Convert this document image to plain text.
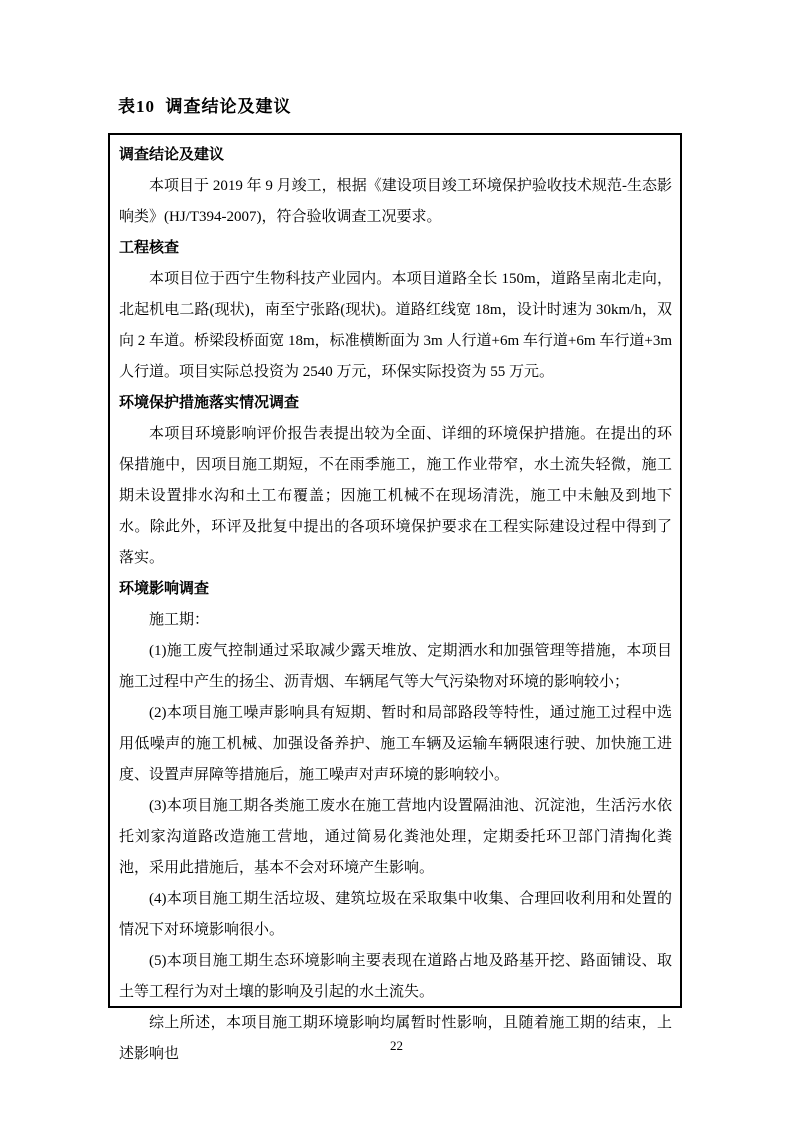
表10  调查结论及建议
调查结论及建议

本项目于 2019 年 9 月竣工，根据《建设项目竣工环境保护验收技术规范-生态影响类》(HJ/T394-2007)，符合验收调查工况要求。

工程核查

本项目位于西宁生物科技产业园内。本项目道路全长 150m，道路呈南北走向，北起机电二路(现状)，南至宁张路(现状)。道路红线宽 18m，设计时速为 30km/h，双向 2 车道。桥梁段桥面宽 18m，标准横断面为 3m 人行道+6m 车行道+6m 车行道+3m 人行道。项目实际总投资为 2540 万元，环保实际投资为 55 万元。

环境保护措施落实情况调查

本项目环境影响评价报告表提出较为全面、详细的环境保护措施。在提出的环保措施中，因项目施工期短，不在雨季施工，施工作业带窄，水土流失轻微，施工期未设置排水沟和土工布覆盖；因施工机械不在现场清洗，施工中未触及到地下水。除此外，环评及批复中提出的各项环境保护要求在工程实际建设过程中得到了落实。

环境影响调查

施工期：

(1)施工废气控制通过采取减少露天堆放、定期洒水和加强管理等措施，本项目施工过程中产生的扬尘、沥青烟、车辆尾气等大气污染物对环境的影响较小；

(2)本项目施工噪声影响具有短期、暂时和局部路段等特性，通过施工过程中选用低噪声的施工机械、加强设备养护、施工车辆及运输车辆限速行驶、加快施工进度、设置声屏障等措施后，施工噪声对声环境的影响较小。

(3)本项目施工期各类施工废水在施工营地内设置隔油池、沉淀池，生活污水依托刘家沟道路改造施工营地，通过简易化粪池处理，定期委托环卫部门清掏化粪池，采用此措施后，基本不会对环境产生影响。

(4)本项目施工期生活垃圾、建筑垃圾在采取集中收集、合理回收利用和处置的情况下对环境影响很小。

(5)本项目施工期生态环境影响主要表现在道路占地及路基开挖、路面铺设、取土等工程行为对土壤的影响及引起的水土流失。

综上所述，本项目施工期环境影响均属暂时性影响，且随着施工期的结束，上述影响也

22
